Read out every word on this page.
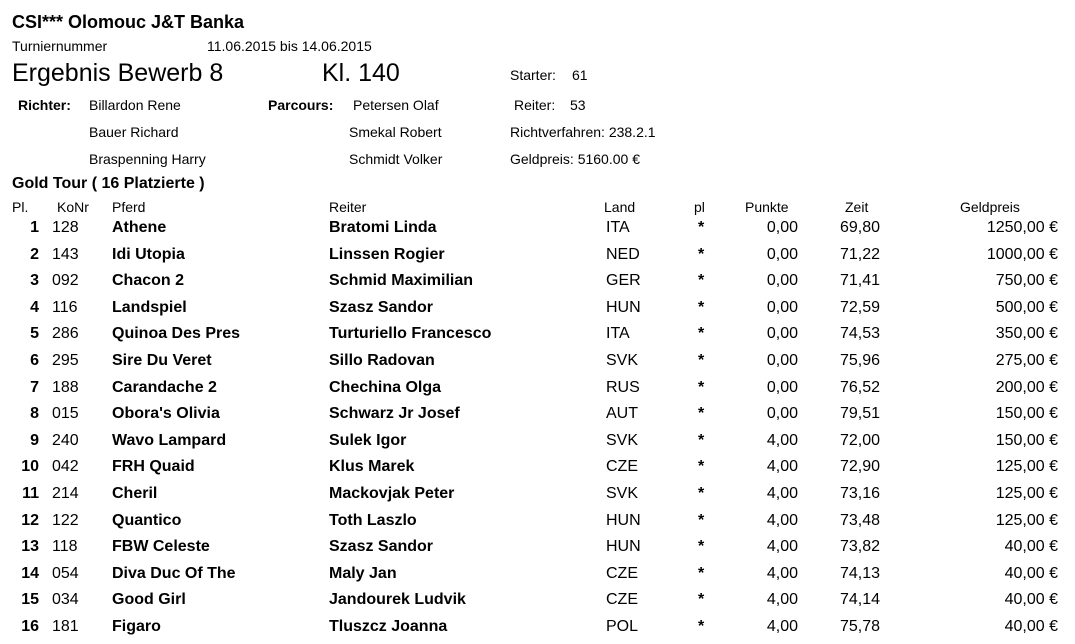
CSI*** Olomouc J&T Banka
Turniernummer	11.06.2015 bis 14.06.2015
Ergebnis Bewerb 8	Kl. 140	Starter: 61
Richter: Billardon Rene
Bauer Richard
Braspenning Harry
Parcours: Petersen Olaf
Smekal Robert
Schmidt Volker
Reiter: 53
Richtverfahren: 238.2.1
Geldpreis: 5160.00 €
Gold Tour ( 16 Platzierte )
Pl. KoNr Pferd	Reiter	Land	pl	Punkte	Zeit	Geldpreis
1 128 Athene	Bratomi Linda	ITA	*	0,00	69,80	1250,00 €
2 143 Idi Utopia	Linssen Rogier	NED	*	0,00	71,22	1000,00 €
3 092 Chacon 2	Schmid Maximilian	GER	*	0,00	71,41	750,00 €
4 116 Landspiel	Szasz Sandor	HUN	*	0,00	72,59	500,00 €
5 286 Quinoa Des Pres	Turturiello Francesco	ITA	*	0,00	74,53	350,00 €
6 295 Sire Du Veret	Sillo Radovan	SVK	*	0,00	75,96	275,00 €
7 188 Carandache 2	Chechina Olga	RUS	*	0,00	76,52	200,00 €
8 015 Obora's Olivia	Schwarz Jr Josef	AUT	*	0,00	79,51	150,00 €
9 240 Wavo Lampard	Sulek Igor	SVK	*	4,00	72,00	150,00 €
10 042 FRH Quaid	Klus Marek	CZE	*	4,00	72,90	125,00 €
11 214 Cheril	Mackovjak Peter	SVK	*	4,00	73,16	125,00 €
12 122 Quantico	Toth Laszlo	HUN	*	4,00	73,48	125,00 €
13 118 FBW Celeste	Szasz Sandor	HUN	*	4,00	73,82	40,00 €
14 054 Diva Duc Of The	Maly Jan	CZE	*	4,00	74,13	40,00 €
15 034 Good Girl	Jandourek Ludvik	CZE	*	4,00	74,14	40,00 €
16 181 Figaro	Tluszcz Joanna	POL	*	4,00	75,78	40,00 €
